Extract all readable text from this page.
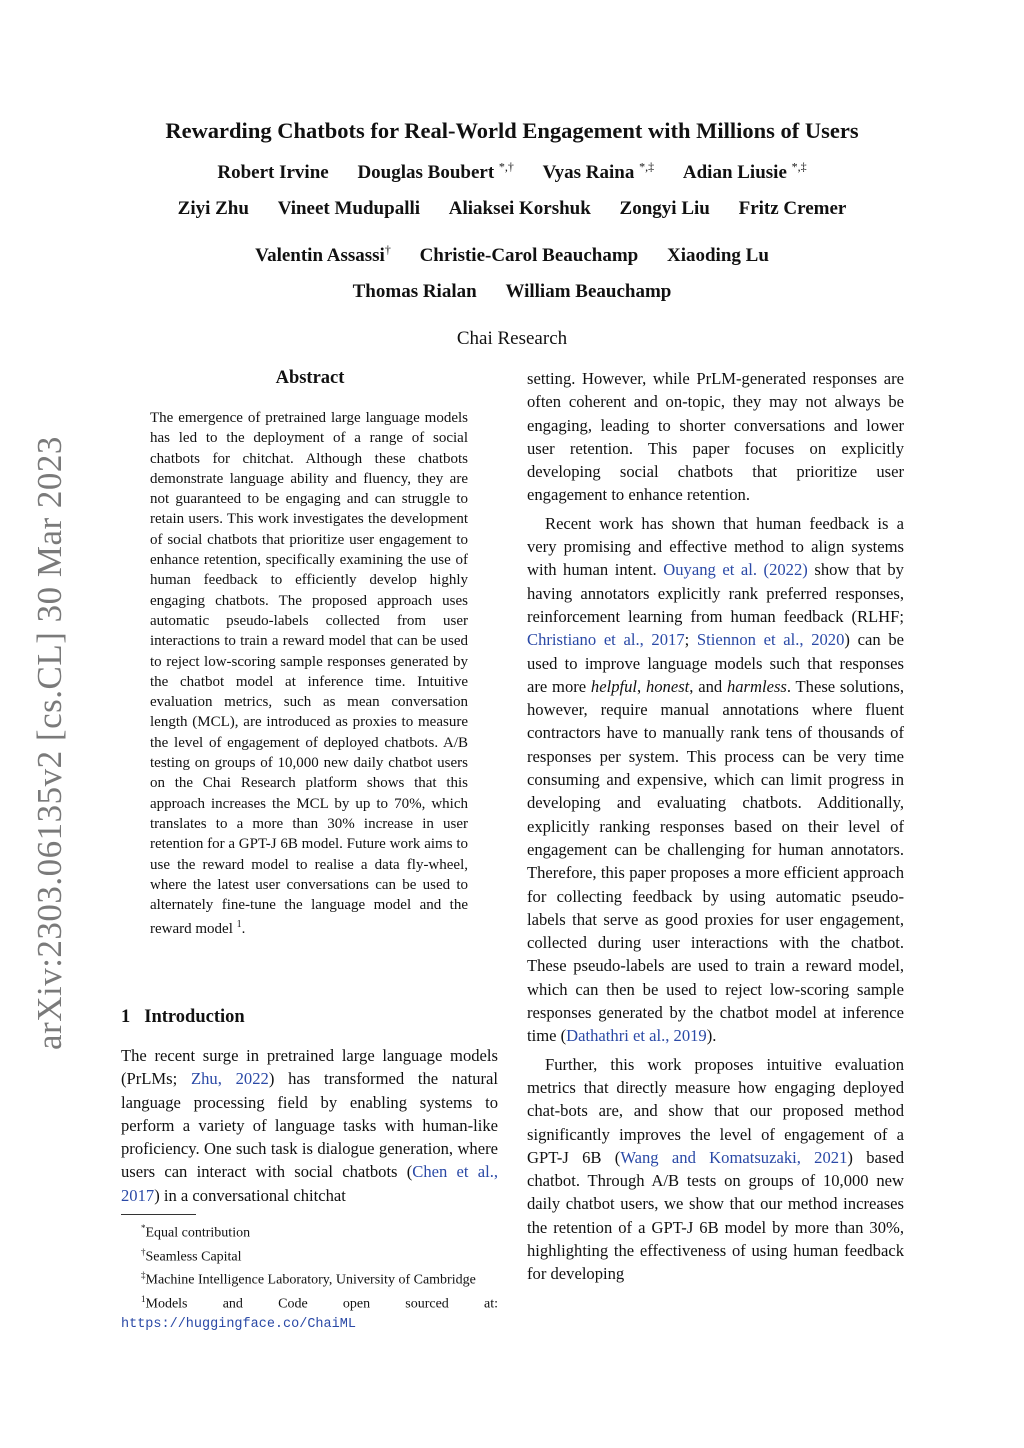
arXiv:2303.06135v2 [cs.CL] 30 Mar 2023
Rewarding Chatbots for Real-World Engagement with Millions of Users
Robert Irvine Douglas Boubert *,† Vyas Raina *,‡ Adian Liusie *,‡
Ziyi Zhu Vineet Mudupalli Aliaksei Korshuk Zongyi Liu Fritz Cremer
Valentin Assassi† Christie-Carol Beauchamp Xiaoding Lu
Thomas Rialan William Beauchamp
Chai Research
Abstract
The emergence of pretrained large language models has led to the deployment of a range of social chatbots for chitchat. Although these chatbots demonstrate language ability and fluency, they are not guaranteed to be engaging and can struggle to retain users. This work investigates the development of social chatbots that prioritize user engagement to enhance retention, specifically examining the use of human feedback to efficiently develop highly engaging chatbots. The proposed approach uses automatic pseudo-labels collected from user interactions to train a reward model that can be used to reject low-scoring sample responses generated by the chatbot model at inference time. Intuitive evaluation metrics, such as mean conversation length (MCL), are introduced as proxies to measure the level of engagement of deployed chatbots. A/B testing on groups of 10,000 new daily chatbot users on the Chai Research platform shows that this approach increases the MCL by up to 70%, which translates to a more than 30% increase in user retention for a GPT-J 6B model. Future work aims to use the reward model to realise a data fly-wheel, where the latest user conversations can be used to alternately fine-tune the language model and the reward model $^1$.
1 Introduction
The recent surge in pretrained large language models (PrLMs; Zhu, 2022) has transformed the natural language processing field by enabling systems to perform a variety of language tasks with human-like proficiency. One such task is dialogue generation, where users can interact with social chatbots (Chen et al., 2017) in a conversational chitchat

setting. However, while PrLM-generated responses are often coherent and on-topic, they may not always be engaging, leading to shorter conversations and lower user retention. This paper focuses on explicitly developing social chatbots that prioritize user engagement to enhance retention.

Recent work has shown that human feedback is a very promising and effective method to align systems with human intent. Ouyang et al. (2022) show that by having annotators explicitly rank preferred responses, reinforcement learning from human feedback (RLHF; Christiano et al., 2017; Stiennon et al., 2020) can be used to improve language models such that responses are more helpful, honest, and harmless. These solutions, however, require manual annotations where fluent contractors have to manually rank tens of thousands of responses per system. This process can be very time consuming and expensive, which can limit progress in developing and evaluating chatbots. Additionally, explicitly ranking responses based on their level of engagement can be challenging for human annotators. Therefore, this paper proposes a more efficient approach for collecting feedback by using automatic pseudo-labels that serve as good proxies for user engagement, collected during user interactions with the chatbot. These pseudo-labels are used to train a reward model, which can then be used to reject low-scoring sample responses generated by the chatbot model at inference time (Dathathri et al., 2019).

Further, this work proposes intuitive evaluation metrics that directly measure how engaging deployed chat-bots are, and show that our proposed method significantly improves the level of engagement of a GPT-J 6B (Wang and Komatsuzaki, 2021) based chatbot. Through A/B tests on groups of 10,000 new daily chatbot users, we show that our method increases the retention of a GPT-J 6B model by more than 30%, highlighting the effectiveness of using human feedback for developing

*Equal contribution
†Seamless Capital
‡Machine Intelligence Laboratory, University of Cambridge
$^1$Models and Code open sourced at: https://huggingface.co/ChaiML
